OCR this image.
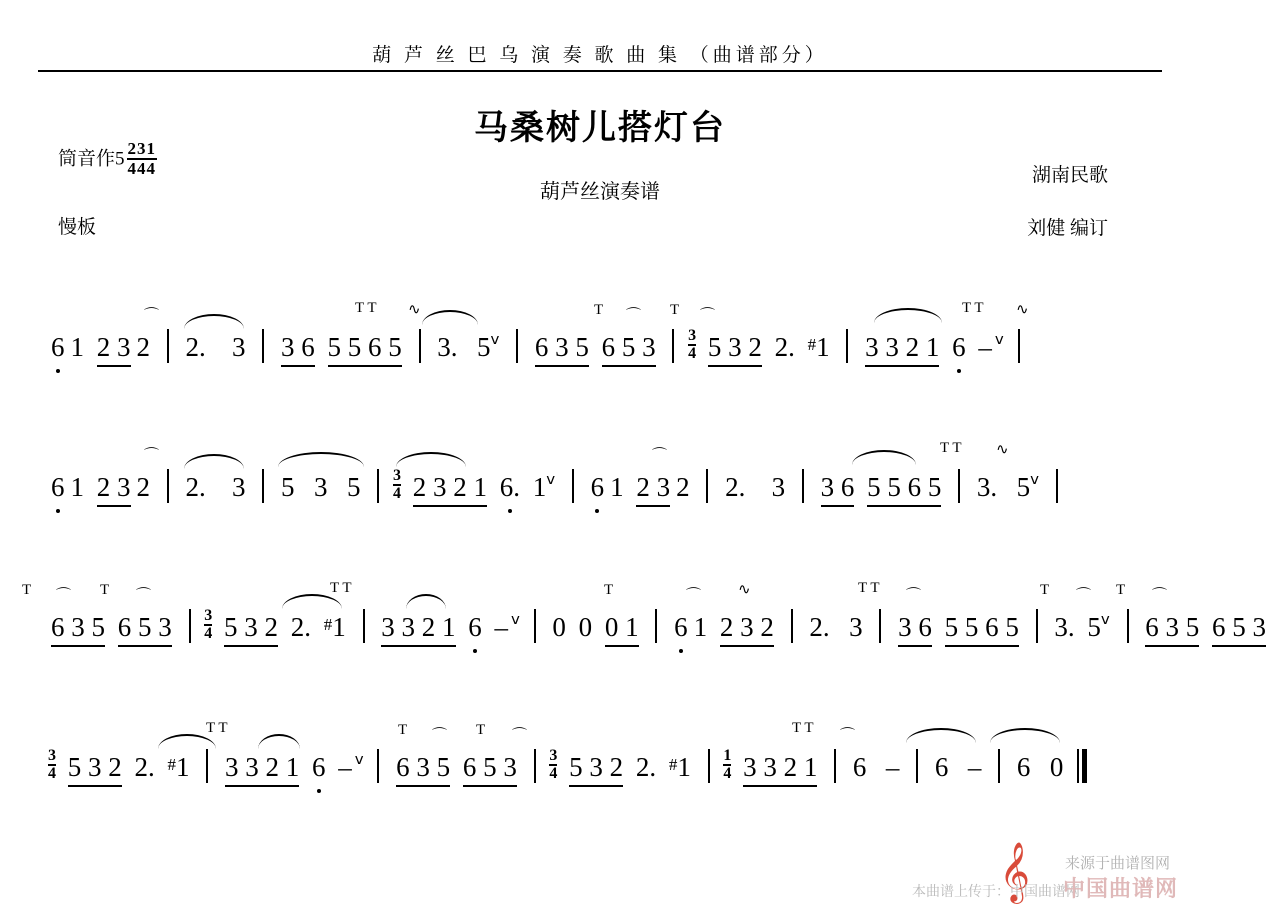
葫 芦 丝 巴 乌 演 奏 歌 曲 集 （曲谱部分）
马桑树儿搭灯台
葫芦丝演奏谱
筒音作$5 \frac{231}{444}$
慢板
湖南民歌
刘健 编订
6 1 2 3 2 2. 3 3 6 5 5 6 5 3. $5^ⅴ$ 6 3 5 6 5 $3 \frac{3}{4} 5$ 3 2 2. #1 3 3 2 1 6 – $^ⅴ$
T T	T	T	T T
⌒	⌒	⌒
∿	∿
6 1 2 3 2 2. 3 5 3 $5 \frac{3}{4} 2$ 3 2 1 6. $1^ⅴ$ 6 1 2 3 2 2. 3 3 6 5 5 6 5 3. $5^ⅴ$
⌒	T T
⌒	∿
6 3 5 6 5 $3 \frac{3}{4} 5$ 3 2 2. #1 3 3 2 1 6 – $^ⅴ$ 0 0 0 1 6 1 2 3 2 2. 3 3 6 5 5 6 5 3. $5^ⅴ$ 6 3 5 6 5 3
T ⌒ T ⌒	T T	T	⌒	T T ⌒	T ⌒ T ⌒
∿
$\frac{3}{4} 5$ 3 2 2. #1 3 3 2 1 6 – $^ⅴ$ 6 3 5 6 5 $3 \frac{3}{4} 5$ 3 2 2. $^{\#}1 \frac{1}{4} 3$ 3 2 1 6 – 6 – 6 0
T T	T ⌒ T ⌒	T T ⌒
𝄞 来源于曲谱图网
本曲谱上传于：中国曲谱网
中国曲谱网
